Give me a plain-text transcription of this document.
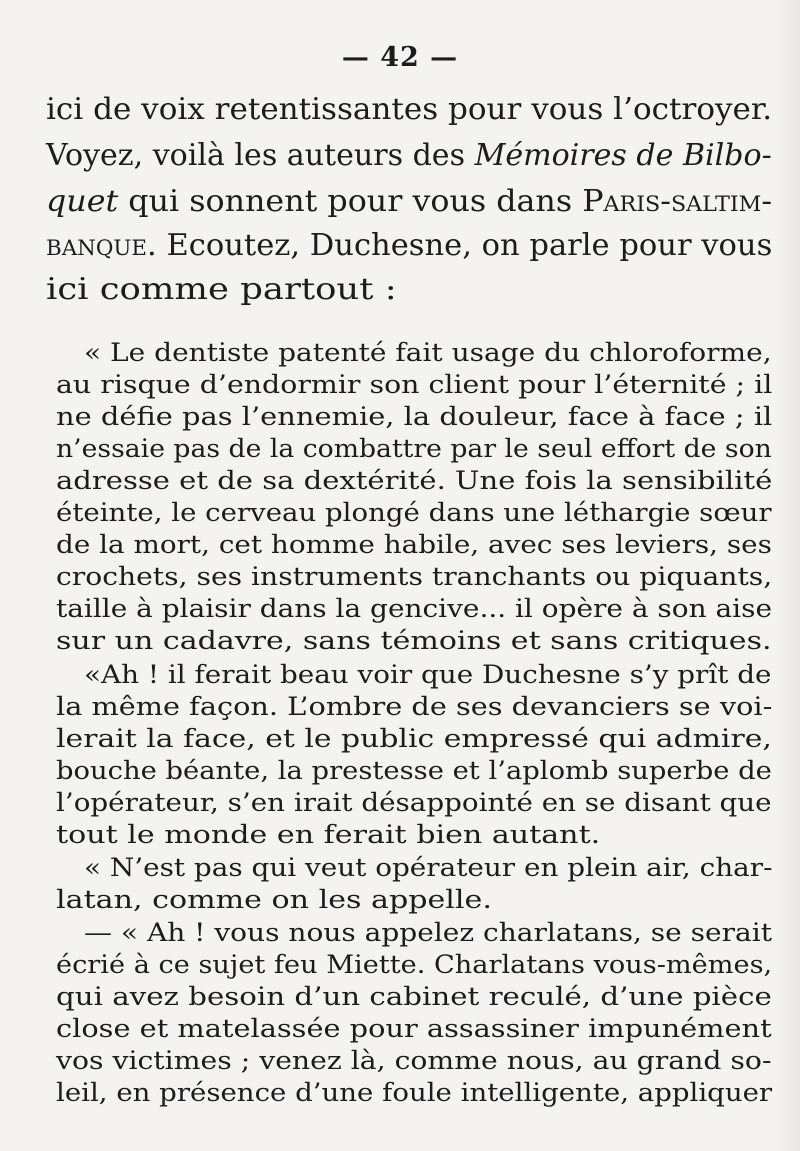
— 42 —
ici de voix retentissantes pour vous l’octroyer.
Voyez, voilà les auteurs des Mémoires de Bilbo-
quet qui sonnent pour vous dans Paris-saltim-
banque. Ecoutez, Duchesne, on parle pour vous
ici comme partout :
« Le dentiste patenté fait usage du chloroforme,
au risque d’endormir son client pour l’éternité ; il
ne défie pas l’ennemie, la douleur, face à face ; il
n’essaie pas de la combattre par le seul effort de son
adresse et de sa dextérité. Une fois la sensibilité
éteinte, le cerveau plongé dans une léthargie sœur
de la mort, cet homme habile, avec ses leviers, ses
crochets, ses instruments tranchants ou piquants,
taille à plaisir dans la gencive... il opère à son aise
sur un cadavre, sans témoins et sans critiques.
«Ah ! il ferait beau voir que Duchesne s’y prît de
la même façon. L’ombre de ses devanciers se voi-
lerait la face, et le public empressé qui admire,
bouche béante, la prestesse et l’aplomb superbe de
l’opérateur, s’en irait désappointé en se disant que
tout le monde en ferait bien autant.
« N’est pas qui veut opérateur en plein air, char-
latan, comme on les appelle.
— « Ah ! vous nous appelez charlatans, se serait
écrié à ce sujet feu Miette. Charlatans vous-mêmes,
qui avez besoin d’un cabinet reculé, d’une pièce
close et matelassée pour assassiner impunément
vos victimes ; venez là, comme nous, au grand so-
leil, en présence d’une foule intelligente, appliquer
